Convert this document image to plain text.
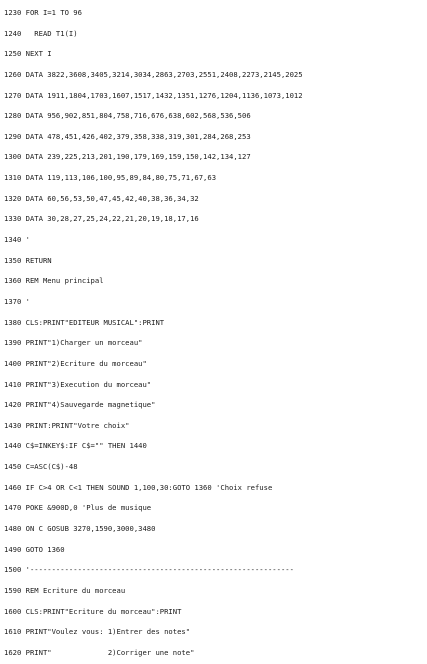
1230 FOR I=1 TO 96
1240   READ T1(I)
1250 NEXT I
1260 DATA 3822,3608,3405,3214,3034,2863,2703,2551,2408,2273,2145,2025
1270 DATA 1911,1804,1703,1607,1517,1432,1351,1276,1204,1136,1073,1012
1280 DATA 956,902,851,804,758,716,676,638,602,568,536,506
1290 DATA 478,451,426,402,379,358,338,319,301,284,268,253
1300 DATA 239,225,213,201,190,179,169,159,150,142,134,127
1310 DATA 119,113,106,100,95,89,84,80,75,71,67,63
1320 DATA 60,56,53,50,47,45,42,40,38,36,34,32
1330 DATA 30,28,27,25,24,22,21,20,19,18,17,16
1340 '
1350 RETURN
1360 REM Menu principal
1370 '
1380 CLS:PRINT"EDITEUR MUSICAL":PRINT
1390 PRINT"1)Charger un morceau"
1400 PRINT"2)Ecriture du morceau"
1410 PRINT"3)Execution du morceau"
1420 PRINT"4)Sauvegarde magnetique"
1430 PRINT:PRINT"Votre choix"
1440 C$=INKEY$:IF C$="" THEN 1440
1450 C=ASC(C$)-48
1460 IF C>4 OR C<1 THEN SOUND 1,100,30:GOTO 1360 'Choix refuse
1470 POKE &900D,0 'Plus de musique
1480 ON C GOSUB 3270,1590,3000,3480
1490 GOTO 1360
1500 '-------------------------------------------------------------
1590 REM Ecriture du morceau
1600 CLS:PRINT"Ecriture du morceau":PRINT
1610 PRINT"Voulez vous: 1)Entrer des notes"
1620 PRINT"             2)Corriger une note"
